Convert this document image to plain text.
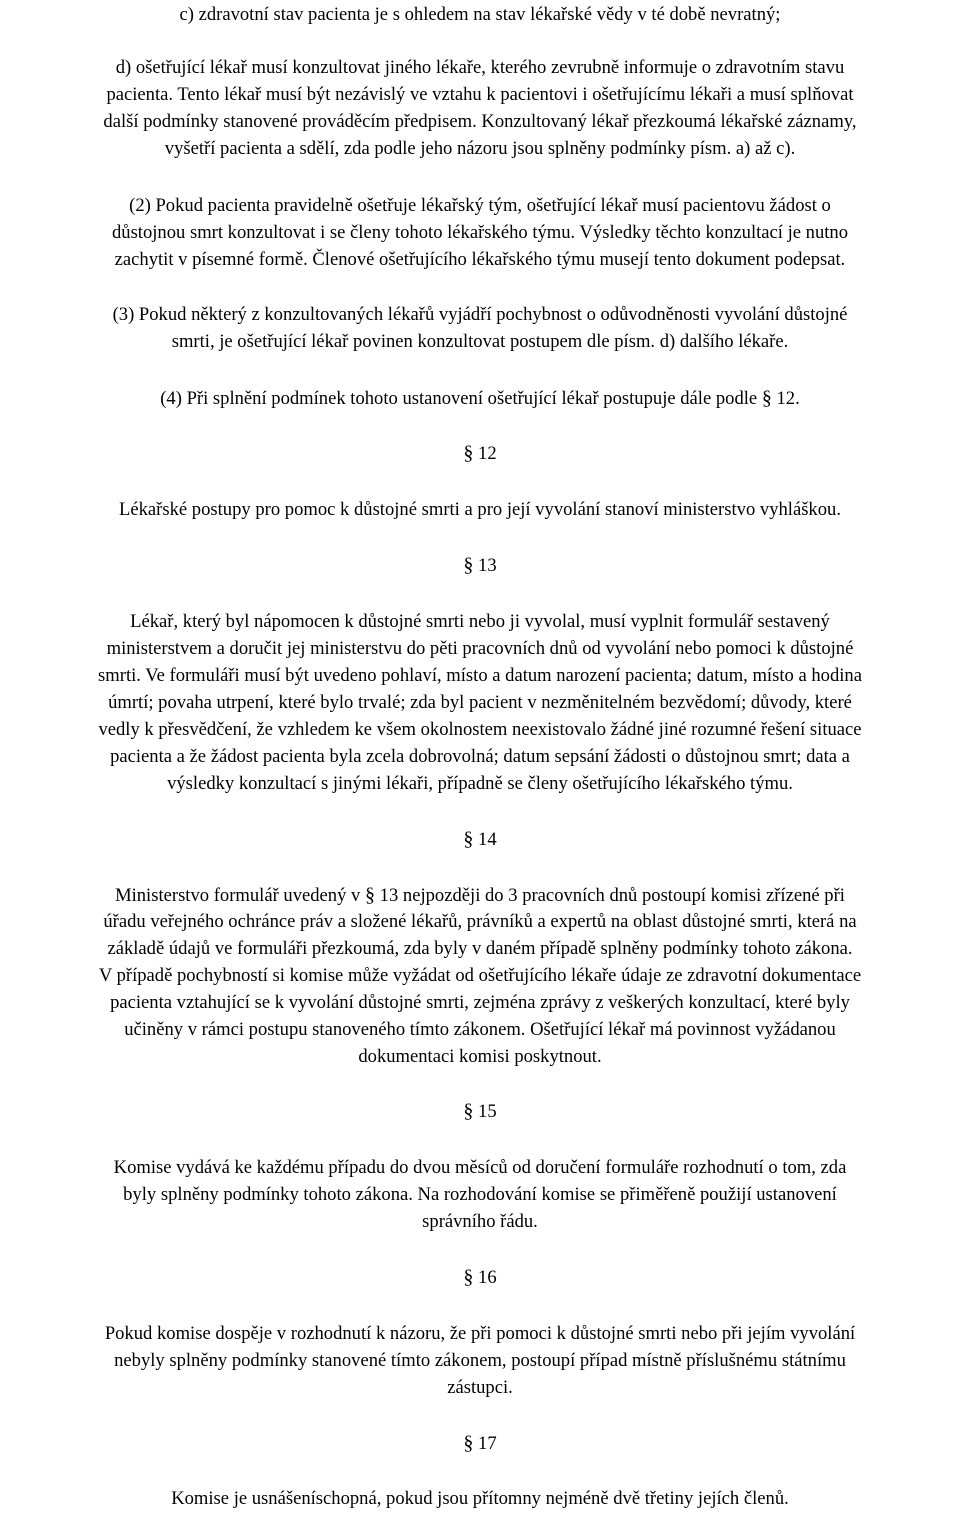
c) zdravotní stav pacienta je s ohledem na stav lékařské vědy v té době nevratný;
d) ošetřující lékař musí konzultovat jiného lékaře, kterého zevrubně informuje o zdravotním stavu
pacienta. Tento lékař musí být nezávislý ve vztahu k pacientovi i ošetřujícímu lékaři a musí splňovat
další podmínky stanovené prováděcím předpisem. Konzultovaný lékař přezkoumá lékařské záznamy,
vyšetří pacienta a sdělí, zda podle jeho názoru jsou splněny podmínky písm. a) až c).
(2) Pokud pacienta pravidelně ošetřuje lékařský tým, ošetřující lékař musí pacientovu žádost o
důstojnou smrt konzultovat i se členy tohoto lékařského týmu. Výsledky těchto konzultací je nutno
zachytit v písemné formě. Členové ošetřujícího lékařského týmu musejí tento dokument podepsat.
(3) Pokud některý z konzultovaných lékařů vyjádří pochybnost o odůvodněnosti vyvolání důstojné
smrti, je ošetřující lékař povinen konzultovat postupem dle písm. d) dalšího lékaře.
(4) Při splnění podmínek tohoto ustanovení ošetřující lékař postupuje dále podle § 12.
§ 12
Lékařské postupy pro pomoc k důstojné smrti a pro její vyvolání stanoví ministerstvo vyhláškou.
§ 13
Lékař, který byl nápomocen k důstojné smrti nebo ji vyvolal, musí vyplnit formulář sestavený
ministerstvem a doručit jej ministerstvu do pěti pracovních dnů od vyvolání nebo pomoci k důstojné
smrti. Ve formuláři musí být uvedeno pohlaví, místo a datum narození pacienta; datum, místo a hodina
úmrtí; povaha utrpení, které bylo trvalé; zda byl pacient v nezměnitelném bezvědomí; důvody, které
vedly k přesvědčení, že vzhledem ke všem okolnostem neexistovalo žádné jiné rozumné řešení situace
pacienta a že žádost pacienta byla zcela dobrovolná; datum sepsání žádosti o důstojnou smrt; data a
výsledky konzultací s jinými lékaři, případně se členy ošetřujícího lékařského týmu.
§ 14
Ministerstvo formulář uvedený v § 13 nejpozději do 3 pracovních dnů postoupí komisi zřízené při
úřadu veřejného ochránce práv a složené lékařů, právníků a expertů na oblast důstojné smrti, která na
základě údajů ve formuláři přezkoumá, zda byly v daném případě splněny podmínky tohoto zákona.
V případě pochybností si komise může vyžádat od ošetřujícího lékaře údaje ze zdravotní dokumentace
pacienta vztahující se k vyvolání důstojné smrti, zejména zprávy z veškerých konzultací, které byly
učiněny v rámci postupu stanoveného tímto zákonem. Ošetřující lékař má povinnost vyžádanou
dokumentaci komisi poskytnout.
§ 15
Komise vydává ke každému případu do dvou měsíců od doručení formuláře rozhodnutí o tom, zda
byly splněny podmínky tohoto zákona. Na rozhodování komise se přiměřeně použijí ustanovení
správního řádu.
§ 16
Pokud komise dospěje v rozhodnutí k názoru, že při pomoci k důstojné smrti nebo při jejím vyvolání
nebyly splněny podmínky stanovené tímto zákonem, postoupí případ místně příslušnému státnímu
zástupci.
§ 17
Komise je usnášeníschopná, pokud jsou přítomny nejméně dvě třetiny jejích členů.
